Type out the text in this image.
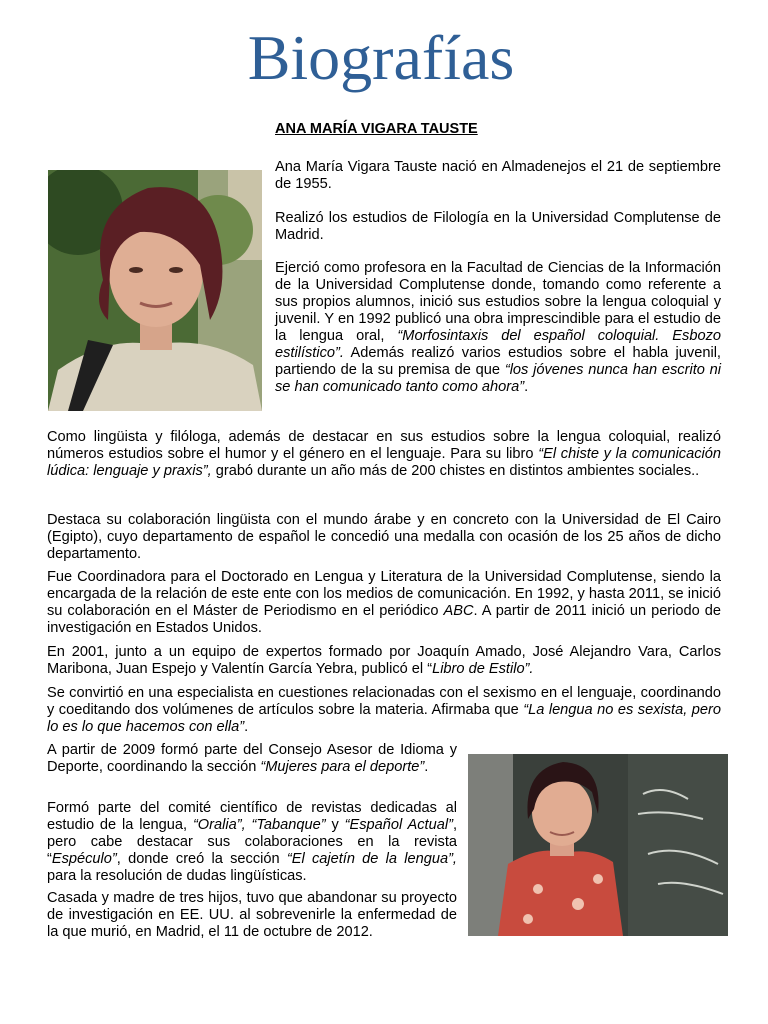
Biografías

ANA MARÍA VIGARA TAUSTE

Ana María Vigara Tauste nació en Almadenejos el 21 de septiembre de 1955.

Realizó los estudios de Filología en la Universidad Complutense de Madrid.

Ejerció como profesora en la Facultad de Ciencias de la Información de la Universidad Complutense donde, tomando como referente a sus propios alumnos, inició sus estudios sobre la lengua coloquial y juvenil. Y en 1992 publicó una obra imprescindible para el estudio de la lengua oral, “Morfosintaxis del español coloquial. Esbozo estilístico”. Además realizó varios estudios sobre el habla juvenil, partiendo de la su premisa de que “los jóvenes nunca han escrito ni se han comunicado tanto como ahora”.

Como lingüista y filóloga, además de destacar en sus estudios sobre la lengua coloquial, realizó números estudios sobre el humor y el género en el lenguaje. Para su libro “El chiste y la comunicación lúdica: lenguaje y praxis”, grabó durante un año más de 200 chistes en distintos ambientes sociales..

Destaca su colaboración lingüista con el mundo árabe y en concreto con la Universidad de El Cairo (Egipto), cuyo departamento de español le concedió una medalla con ocasión de los 25 años de dicho departamento.

Fue Coordinadora para el Doctorado en Lengua y Literatura de la Universidad Complutense, siendo la encargada de la relación de este ente con los medios de comunicación. En 1992, y hasta 2011, se inició su colaboración en el Máster de Periodismo en el periódico ABC. A partir de 2011 inició un periodo de investigación en Estados Unidos.

En 2001, junto a un equipo de expertos formado por Joaquín Amado, José Alejandro Vara, Carlos Maribona, Juan Espejo y Valentín García Yebra, publicó el “Libro de Estilo”.

Se convirtió en una especialista en cuestiones relacionadas con el sexismo en el lenguaje, coordinando y coeditando dos volúmenes de artículos sobre la materia. Afirmaba que “La lengua no es sexista, pero lo es lo que hacemos con ella”.

A partir de 2009 formó parte del Consejo Asesor de Idioma y Deporte, coordinando la sección “Mujeres para el deporte”.

Formó parte del comité científico de revistas dedicadas al estudio de la lengua, “Oralia”, “Tabanque” y “Español Actual”, pero cabe destacar sus colaboraciones en la revista “Espéculo”, donde creó la sección “El cajetín de la lengua”, para la resolución de dudas lingüísticas.

Casada y madre de tres hijos, tuvo que abandonar su proyecto de investigación en EE. UU. al sobrevenirle la enfermedad de la que murió, en Madrid, el 11 de octubre de 2012.
